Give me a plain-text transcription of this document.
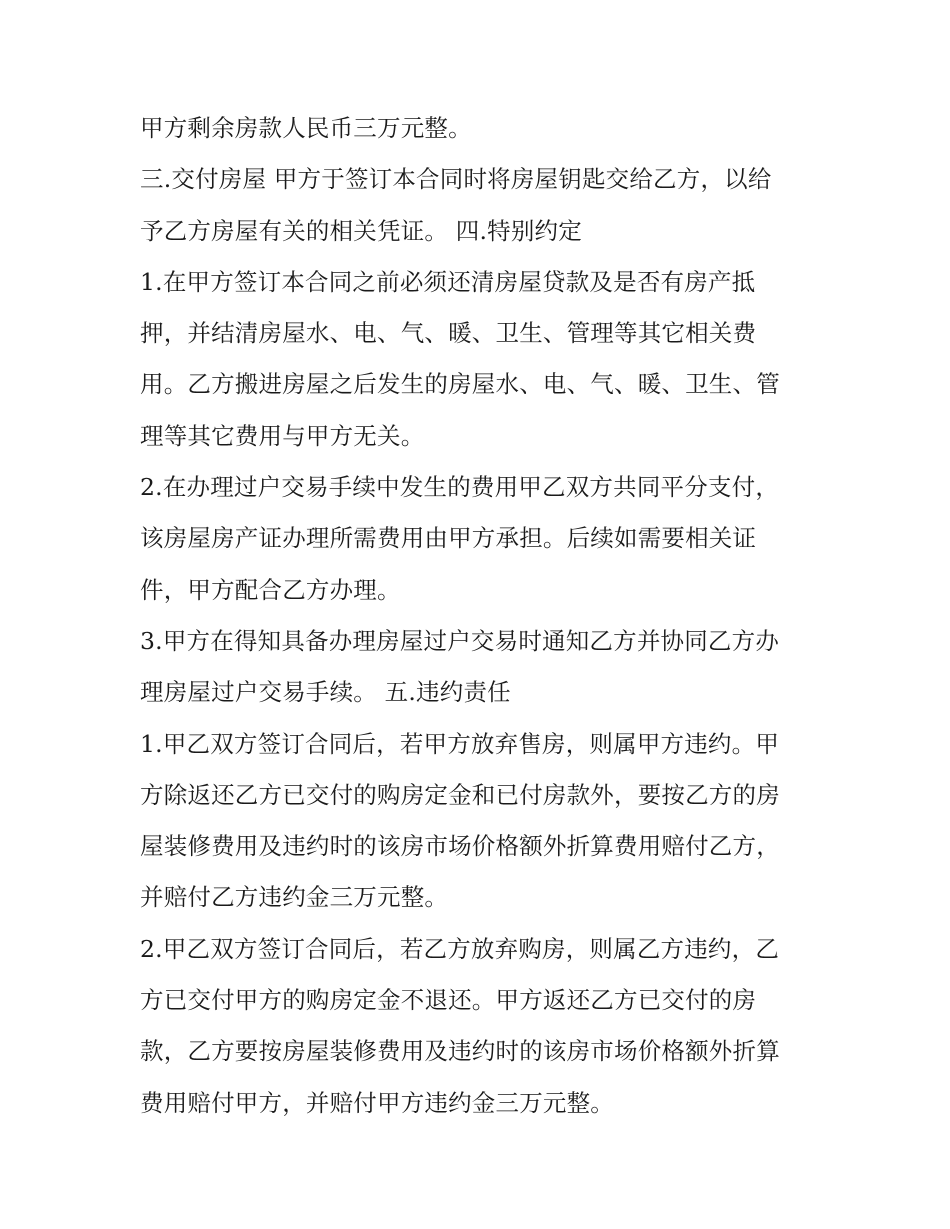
甲方剩余房款人民币三万元整。

三.交付房屋 甲方于签订本合同时将房屋钥匙交给乙方，以给
予乙方房屋有关的相关凭证。 四.特别约定

1.在甲方签订本合同之前必须还清房屋贷款及是否有房产抵
押，并结清房屋水、电、气、暖、卫生、管理等其它相关费
用。乙方搬进房屋之后发生的房屋水、电、气、暖、卫生、管
理等其它费用与甲方无关。

2.在办理过户交易手续中发生的费用甲乙双方共同平分支付，
该房屋房产证办理所需费用由甲方承担。后续如需要相关证
件，甲方配合乙方办理。

3.甲方在得知具备办理房屋过户交易时通知乙方并协同乙方办
理房屋过户交易手续。 五.违约责任

1.甲乙双方签订合同后，若甲方放弃售房，则属甲方违约。甲
方除返还乙方已交付的购房定金和已付房款外，要按乙方的房
屋装修费用及违约时的该房市场价格额外折算费用赔付乙方，
并赔付乙方违约金三万元整。

2.甲乙双方签订合同后，若乙方放弃购房，则属乙方违约，乙
方已交付甲方的购房定金不退还。甲方返还乙方已交付的房
款，乙方要按房屋装修费用及违约时的该房市场价格额外折算
费用赔付甲方，并赔付甲方违约金三万元整。
